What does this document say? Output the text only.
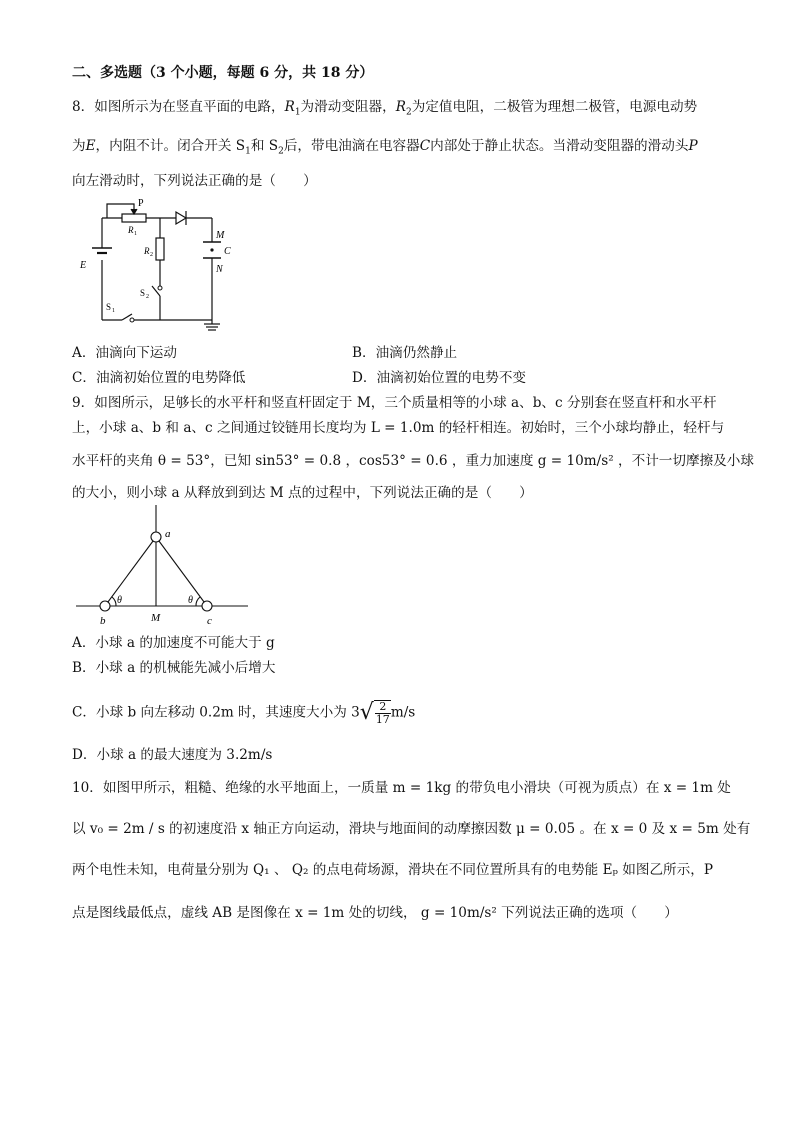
二、多选题（3 个小题，每题 6 分，共 18 分）
8．如图所示为在竖直平面的电路，$R_1$为滑动变阻器，$R_2$为定值电阻，二极管为理想二极管，电源电动势
为E，内阻不计。闭合开关 $S_1$和 $S_2$后，带电油滴在电容器C内部处于静止状态。当滑动变阻器的滑动头P
向左滑动时，下列说法正确的是（　　）
P
R 1
R 2
M
C
N
E
S 2
S 1
A．油滴向下运动	B．油滴仍然静止
C．油滴初始位置的电势降低	D．油滴初始位置的电势不变
9．如图所示，足够长的水平杆和竖直杆固定于 M，三个质量相等的小球 a、b、c 分别套在竖直杆和水平杆
上，小球 a、b 和 a、c 之间通过铰链用长度均为 L = 1.0m 的轻杆相连。初始时，三个小球均静止，轻杆与
水平杆的夹角 θ = 53°，已知 sin53° = 0.8 ，cos53° = 0.6 ，重力加速度 g = 10m/s² ，不计一切摩擦及小球
的大小，则小球 a 从释放到到达 M 点的过程中，下列说法正确的是（　　）
a
b	c
M
θ	θ
A．小球 a 的加速度不可能大于 g
B．小球 a 的机械能先减小后增大
C．小球 b 向左移动 0.2m 时，其速度大小为 $3√ \frac{2}{17} m/s$
D．小球 a 的最大速度为 3.2m/s
10．如图甲所示，粗糙、绝缘的水平地面上，一质量 m = 1kg 的带负电小滑块（可视为质点）在 x = 1m 处
以 v₀ = 2m / s 的初速度沿 x 轴正方向运动，滑块与地面间的动摩擦因数 μ = 0.05 。在 x = 0 及 x = 5m 处有
两个电性未知，电荷量分别为 Q₁ 、 Q₂ 的点电荷场源，滑块在不同位置所具有的电势能 Eₚ 如图乙所示，P
点是图线最低点，虚线 AB 是图像在 x = 1m 处的切线， g = 10m/s² 下列说法正确的选项（　　）
